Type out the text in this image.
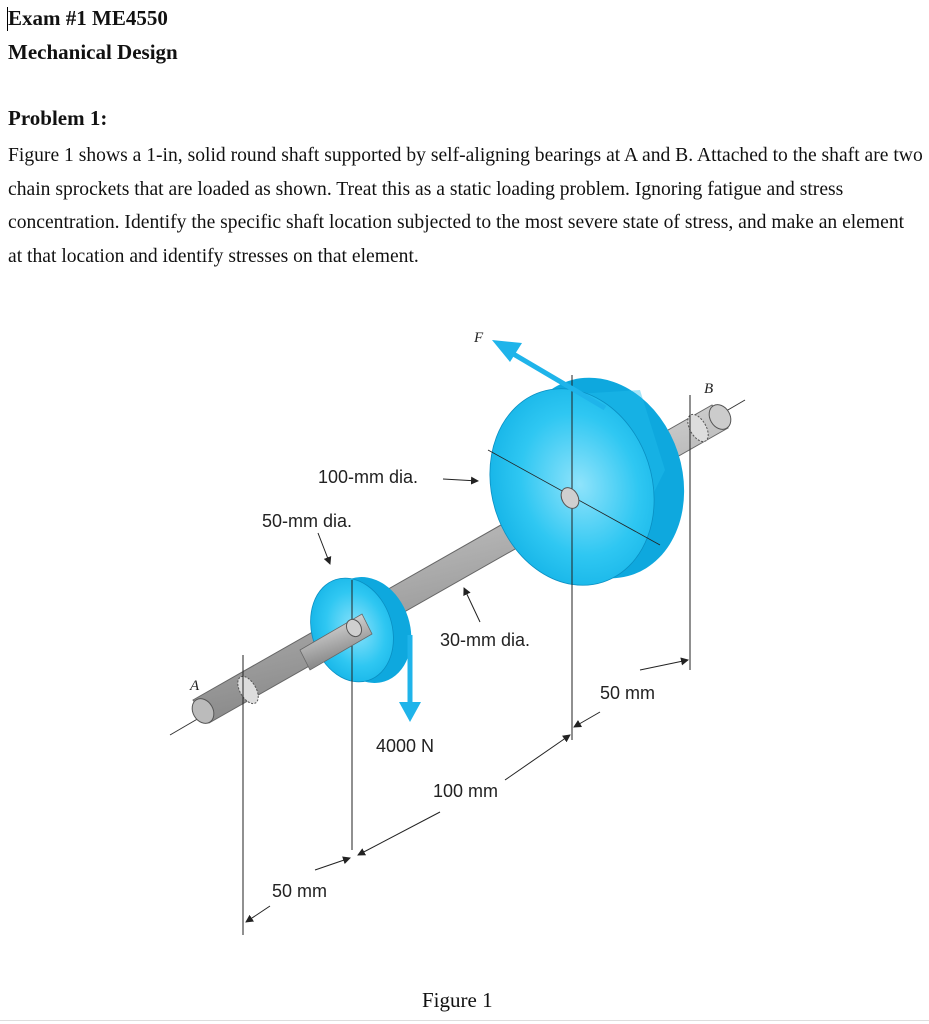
Exam #1 ME4550
Mechanical Design
Problem 1:

Figure 1 shows a 1-in, solid round shaft supported by self-aligning bearings at A and B. Attached to the shaft are two chain sprockets that are loaded as shown. Treat this as a static loading problem. Ignoring fatigue and stress concentration. Identify the specific shaft location subjected to the most severe state of stress, and make an element at that location and identify stresses on that element.

F
B
A
100-mm dia.
50-mm dia.
30-mm dia.
50 mm
4000 N
100 mm
50 mm
Figure 1
